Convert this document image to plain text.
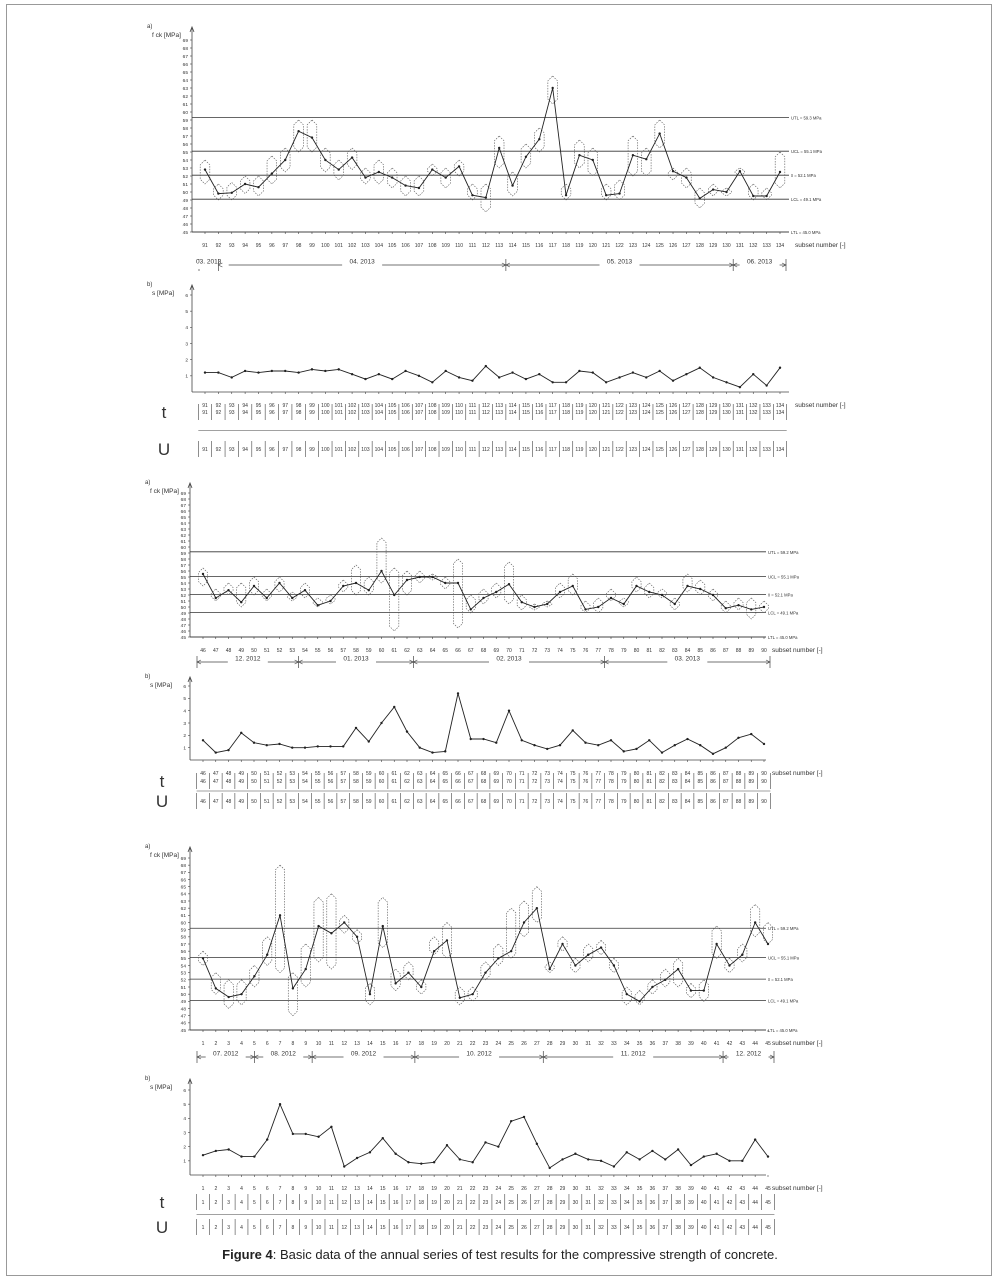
a)
f ck [MPa]
45
46
47
48
49
50
51
52
53
54
55
56
57
58
59
60
61
62
63
64
65
66
67
68
69
subset number [-]
91 92 93 94 95 96 97 98 99 100 101 102 103 104 105 106 107 108 109 110 111 112 113 114 115 116 117 118 119 120 121 122 123 124 125 126 127 128 129 130 131 132 133 134
UTL = 59.3 MPa
UCL = 55.1 MPa
x̄ = 52.1 MPa
LCL = 49.1 MPa
LTL = 45.0 MPa
03. 2013	04. 2013	05. 2013	06. 2013
b)
s [MPa]
1
2
3
4
5
6
subset number [-]
91 92 93 94 95 96 97 98 99 100 101 102 103 104 105 106 107 108 109 110 111 112 113 114 115 116 117 118 119 120 121 122 123 124 125 126 127 128 129 130 131 132 133 134
t	91 92 93 94 95 96 97 98 99 100 101 102 103 104 105 106 107 108 109 110 111 112 113 114 115 116 117 118 119 120 121 122 123 124 125 126 127 128 129 130 131 132 133 134
U	91 92 93 94 95 96 97 98 99 100 101 102 103 104 105 106 107 108 109 110 111 112 113 114 115 116 117 118 119 120 121 122 123 124 125 126 127 128 129 130 131 132 133 134
a)
f ck [MPa]
45
46
47
48
49
50
51
52
53
54
55
56
57
58
59
60
61
62
63
64
65
66
67
68
69
subset number [-]
46 47 48 49 50 51 52 53 54 55 56 57 58 59 60 61 62 63 64 65 66 67 68 69 70 71 72 73 74 75 76 77 78 79 80 81 82 83 84 85 86 87 88 89 90
UTL = 59.2 MPa
UCL = 55.1 MPa
x̄ = 52.1 MPa
LCL = 49.1 MPa
LTL = 45.0 MPa
12. 2012	01. 2013	02. 2013	03. 2013
b)
s [MPa]
1
2
3
4
5
6
subset number [-]
46 47 48 49 50 51 52 53 54 55 56 57 58 59 60 61 62 63 64 65 66 67 68 69 70 71 72 73 74 75 76 77 78 79 80 81 82 83 84 85 86 87 88 89 90
t	46 47 48 49 50 51 52 53 54 55 56 57 58 59 60 61 62 63 64 65 66 67 68 69 70 71 72 73 74 75 76 77 78 79 80 81 82 83 84 85 86 87 88 89 90
U	46 47 48 49 50 51 52 53 54 55 56 57 58 59 60 61 62 63 64 65 66 67 68 69 70 71 72 73 74 75 76 77 78 79 80 81 82 83 84 85 86 87 88 89 90
a)
f ck [MPa]
45
46
47
48
49
50
51
52
53
54
55
56
57
58
59
60
61
62
63
64
65
66
67
68
69
subset number [-]
1 2 3 4 5 6 7 8 9 10 11 12 13 14 15 16 17 18 19 20 21 22 23 24 25 26 27 28 29 30 31 32 33 34 35 36 37 38 39 40 41 42 43 44 45
UTL = 59.2 MPa
UCL = 55.1 MPa
x̄ = 52.1 MPa
LCL = 49.1 MPa
LTL = 45.0 MPa
07. 2012	08. 2012	09. 2012	10. 2012	11. 2012	12. 2012
b)
s [MPa]
1
2
3
4
5
6
subset number [-]
1 2 3 4 5 6 7 8 9 10 11 12 13 14 15 16 17 18 19 20 21 22 23 24 25 26 27 28 29 30 31 32 33 34 35 36 37 38 39 40 41 42 43 44 45
t	1 2 3 4 5 6 7 8 9 10 11 12 13 14 15 16 17 18 19 20 21 22 23 24 25 26 27 28 29 30 31 32 33 34 35 36 37 38 39 40 41 42 43 44 45
U	1 2 3 4 5 6 7 8 9 10 11 12 13 14 15 16 17 18 19 20 21 22 23 24 25 26 27 28 29 30 31 32 33 34 35 36 37 38 39 40 41 42 43 44 45
Figure 4: Basic data of the annual series of test results for the compressive strength of concrete.
